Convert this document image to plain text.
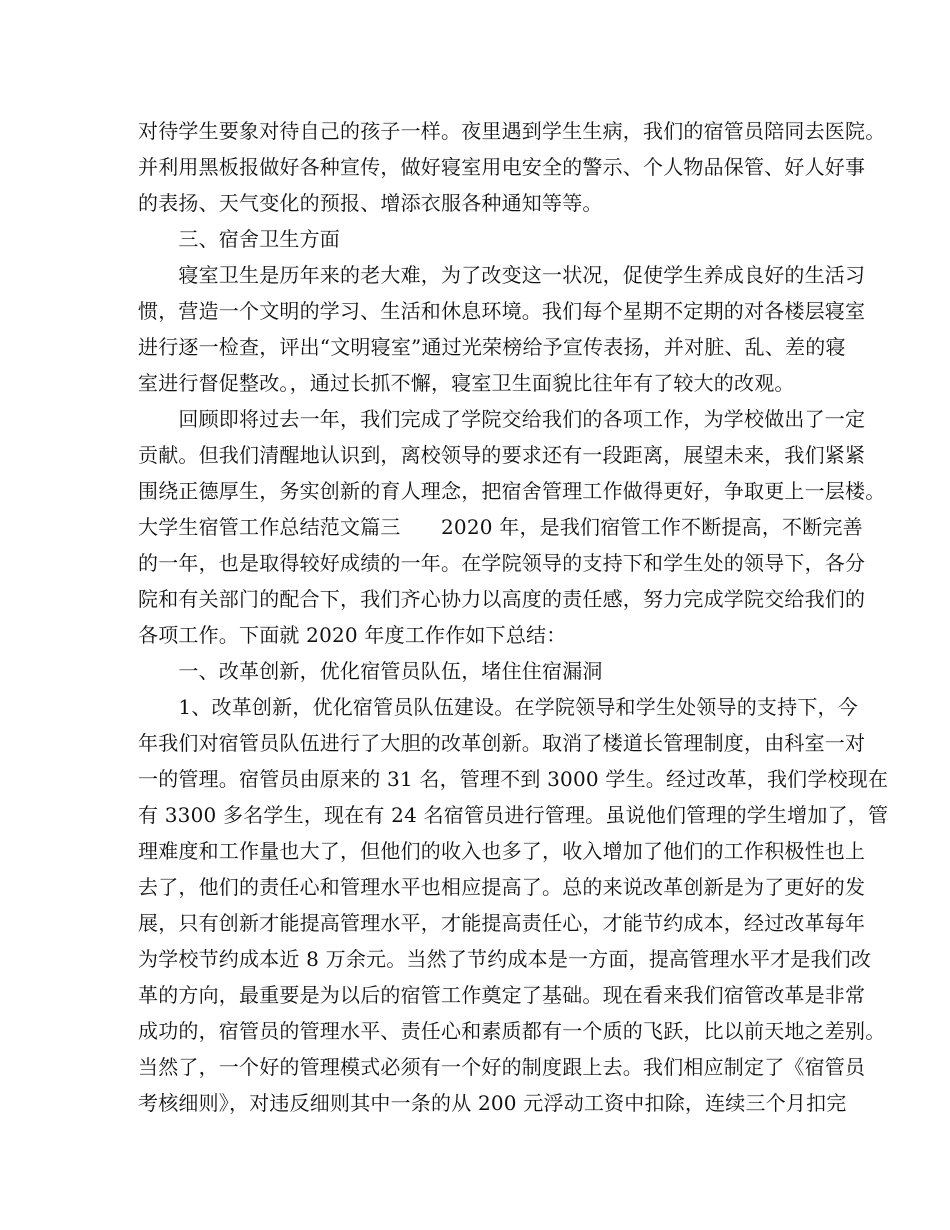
对待学生要象对待自己的孩子一样。夜里遇到学生生病，我们的宿管员陪同去医院。
并利用黑板报做好各种宣传，做好寝室用电安全的警示、个人物品保管、好人好事
的表扬、天气变化的预报、增添衣服各种通知等等。
　　三、宿舍卫生方面
　　寝室卫生是历年来的老大难，为了改变这一状况，促使学生养成良好的生活习
惯，营造一个文明的学习、生活和休息环境。我们每个星期不定期的对各楼层寝室
进行逐一检查，评出“文明寝室”通过光荣榜给予宣传表扬，并对脏、乱、差的寝
室进行督促整改。，通过长抓不懈，寝室卫生面貌比往年有了较大的改观。
　　回顾即将过去一年，我们完成了学院交给我们的各项工作，为学校做出了一定
贡献。但我们清醒地认识到，离校领导的要求还有一段距离，展望未来，我们紧紧
围绕正德厚生，务实创新的育人理念，把宿舍管理工作做得更好，争取更上一层楼。
大学生宿管工作总结范文篇三　　2020 年，是我们宿管工作不断提高，不断完善
的一年，也是取得较好成绩的一年。在学院领导的支持下和学生处的领导下，各分
院和有关部门的配合下，我们齐心协力以高度的责任感，努力完成学院交给我们的
各项工作。下面就 2020 年度工作作如下总结：
　　一、改革创新，优化宿管员队伍，堵住住宿漏洞
　　1、改革创新，优化宿管员队伍建设。在学院领导和学生处领导的支持下，今
年我们对宿管员队伍进行了大胆的改革创新。取消了楼道长管理制度，由科室一对
一的管理。宿管员由原来的 31 名，管理不到 3000 学生。经过改革，我们学校现在
有 3300 多名学生，现在有 24 名宿管员进行管理。虽说他们管理的学生增加了，管
理难度和工作量也大了，但他们的收入也多了，收入增加了他们的工作积极性也上
去了，他们的责任心和管理水平也相应提高了。总的来说改革创新是为了更好的发
展，只有创新才能提高管理水平，才能提高责任心，才能节约成本，经过改革每年
为学校节约成本近 8 万余元。当然了节约成本是一方面，提高管理水平才是我们改
革的方向，最重要是为以后的宿管工作奠定了基础。现在看来我们宿管改革是非常
成功的，宿管员的管理水平、责任心和素质都有一个质的飞跃，比以前天地之差别。
当然了，一个好的管理模式必须有一个好的制度跟上去。我们相应制定了《宿管员
考核细则》，对违反细则其中一条的从 200 元浮动工资中扣除，连续三个月扣完
